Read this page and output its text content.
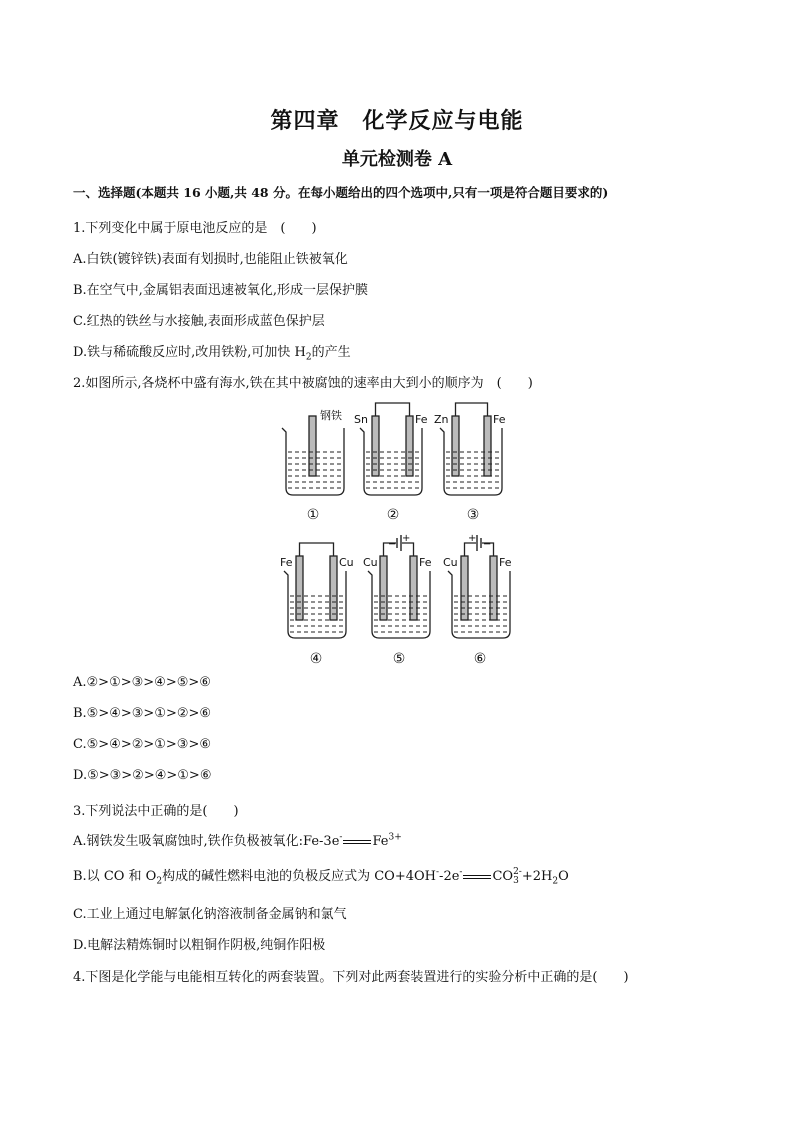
第四章　化学反应与电能
单元检测卷 A
一、选择题(本题共 16 小题,共 48 分。在每小题给出的四个选项中,只有一项是符合题目要求的)
1.下列变化中属于原电池反应的是　(　　)
A.白铁(镀锌铁)表面有划损时,也能阻止铁被氧化
B.在空气中,金属铝表面迅速被氧化,形成一层保护膜
C.红热的铁丝与水接触,表面形成蓝色保护层
D.铁与稀硫酸反应时,改用铁粉,可加快 $H_2$的产生
2.如图所示,各烧杯中盛有海水,铁在其中被腐蚀的速率由大到小的顺序为　(　　)
钢铁 Sn	Fe Zn	Fe
Fe	Cu Cu	Fe Cu	Fe
−
+	+
−
①	②	③
④	⑤	⑥
A.②>①>③>④>⑤>⑥
B.⑤>④>③>①>②>⑥
C.⑤>④>②>①>③>⑥
D.⑤>③>②>④>①>⑥
3.下列说法中正确的是(　　)
A.钢铁发生吸氧腐蚀时,铁作负极被氧化:Fe-3e- $Fe^{3+}$
B.以 CO 和 $O_2$构成的碱性燃料电池的负极反应式为 CO+4OH--2e- CO 2-
$3 +2H_2O$
C.工业上通过电解氯化钠溶液制备金属钠和氯气
D.电解法精炼铜时以粗铜作阴极,纯铜作阳极
4.下图是化学能与电能相互转化的两套装置。下列对此两套装置进行的实验分析中正确的是(　　)
